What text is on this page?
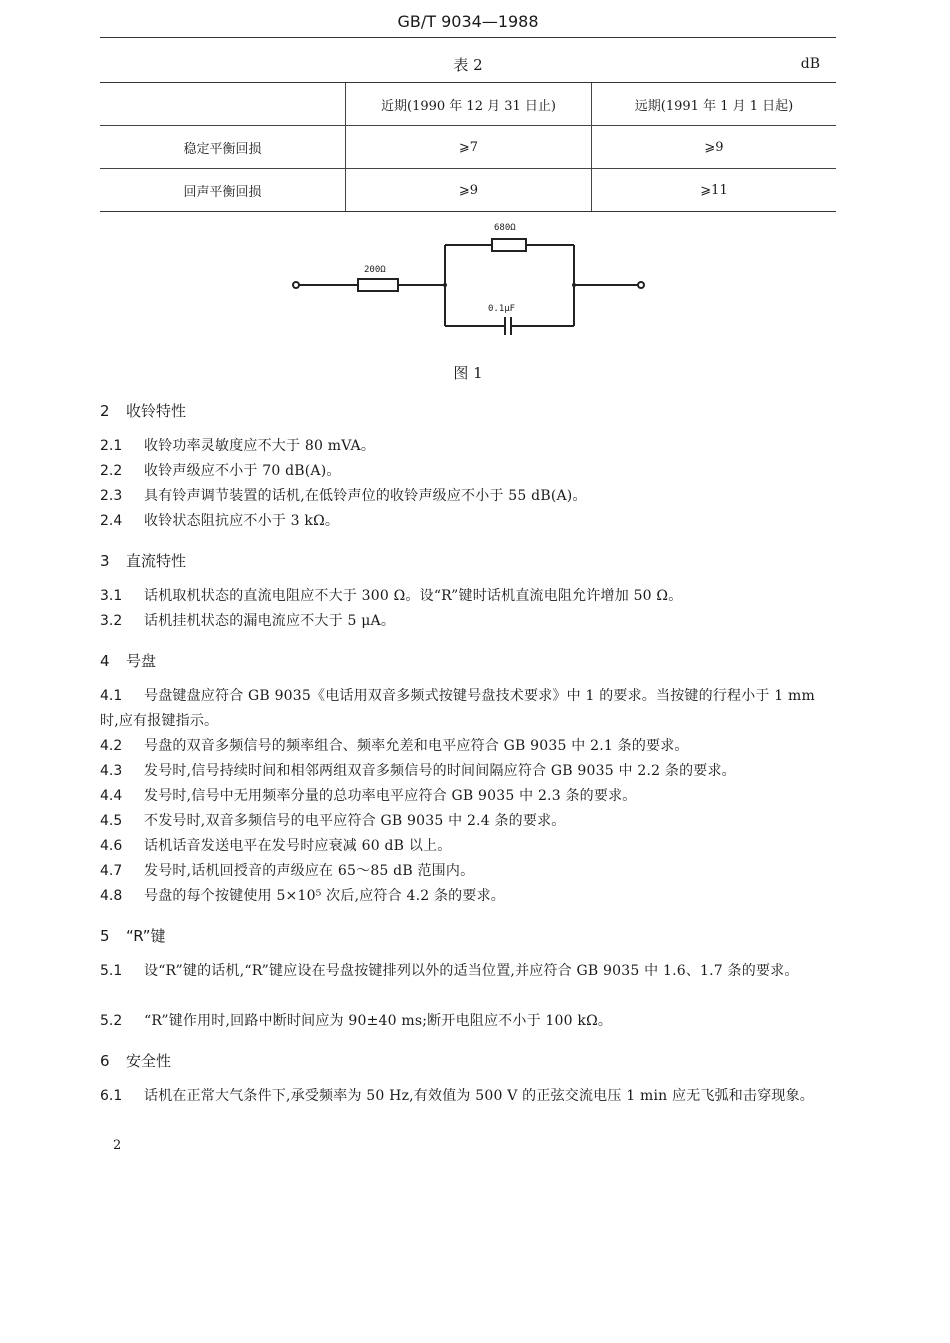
GB/T 9034—1988
表 2	dB
	近期(1990 年 12 月 31 日止)	远期(1991 年 1 月 1 日起)
稳定平衡回损	⩾7	⩾9
回声平衡回损	⩾9	⩾11
200Ω
680Ω
0.1μF
图 1
2 收铃特性
2.1 收铃功率灵敏度应不大于 80 mVA。
2.2 收铃声级应不小于 70 dB(A)。
2.3 具有铃声调节装置的话机,在低铃声位的收铃声级应不小于 55 dB(A)。
2.4 收铃状态阻抗应不小于 3 kΩ。
3 直流特性
3.1 话机取机状态的直流电阻应不大于 300 Ω。设“R”键时话机直流电阻允许增加 50 Ω。
3.2 话机挂机状态的漏电流应不大于 5 μA。
4 号盘
4.1 号盘键盘应符合 GB 9035《电话用双音多频式按键号盘技术要求》中 1 的要求。当按键的行程小于 1 mm 时,应有报键指示。
4.2 号盘的双音多频信号的频率组合、频率允差和电平应符合 GB 9035 中 2.1 条的要求。
4.3 发号时,信号持续时间和相邻两组双音多频信号的时间间隔应符合 GB 9035 中 2.2 条的要求。
4.4 发号时,信号中无用频率分量的总功率电平应符合 GB 9035 中 2.3 条的要求。
4.5 不发号时,双音多频信号的电平应符合 GB 9035 中 2.4 条的要求。
4.6 话机话音发送电平在发号时应衰减 60 dB 以上。
4.7 发号时,话机回授音的声级应在 65～85 dB 范围内。
4.8 号盘的每个按键使用 5×10⁵ 次后,应符合 4.2 条的要求。
5 “R”键
5.1 设“R”键的话机,“R”键应设在号盘按键排列以外的适当位置,并应符合 GB 9035 中 1.6、1.7 条的要求。
5.2 “R”键作用时,回路中断时间应为 90±40 ms;断开电阻应不小于 100 kΩ。
6 安全性
6.1 话机在正常大气条件下,承受频率为 50 Hz,有效值为 500 V 的正弦交流电压 1 min 应无飞弧和击穿现象。
2
